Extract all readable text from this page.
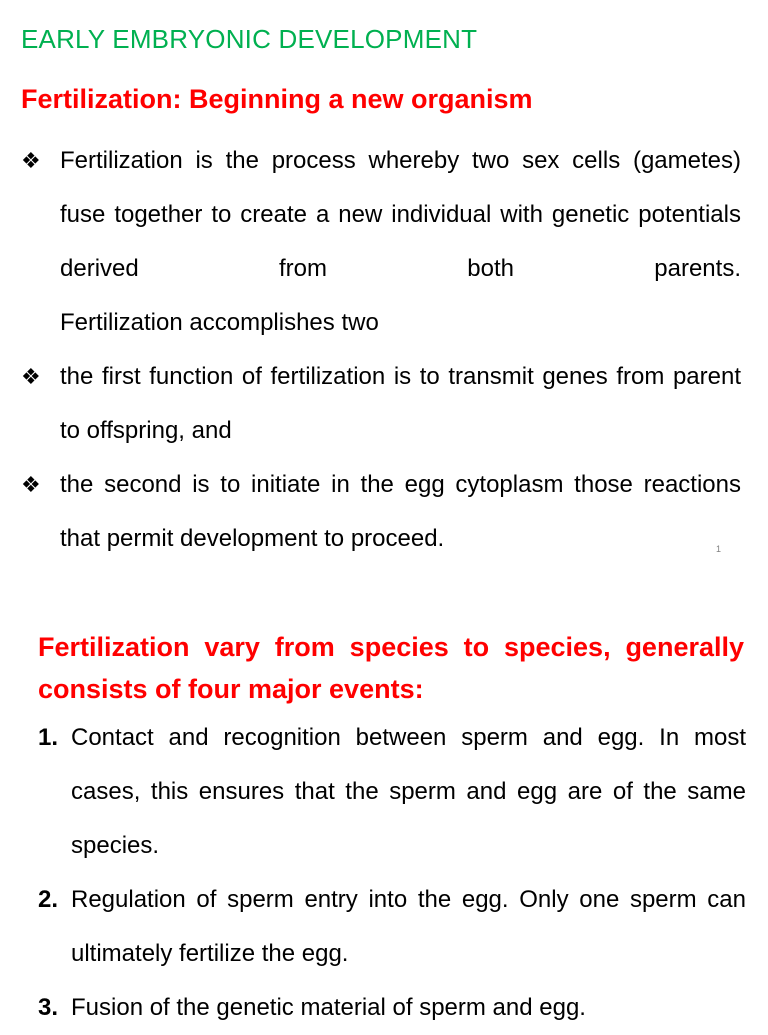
EARLY EMBRYONIC DEVELOPMENT
Fertilization: Beginning a new organism
❖ Fertilization is the process whereby two sex cells (gametes) fuse together to create a new individual with genetic potentials derived from both parents.
Fertilization accomplishes two
❖ the first function of fertilization is to transmit genes from parent to offspring, and
❖ the second is to initiate in the egg cytoplasm those reactions that permit development to proceed.	1
Fertilization vary from species to species, generally consists of four major events:
1. Contact and recognition between sperm and egg. In most cases, this ensures that the sperm and egg are of the same species.
2. Regulation of sperm entry into the egg. Only one sperm can ultimately fertilize the egg.
3. Fusion of the genetic material of sperm and egg.
